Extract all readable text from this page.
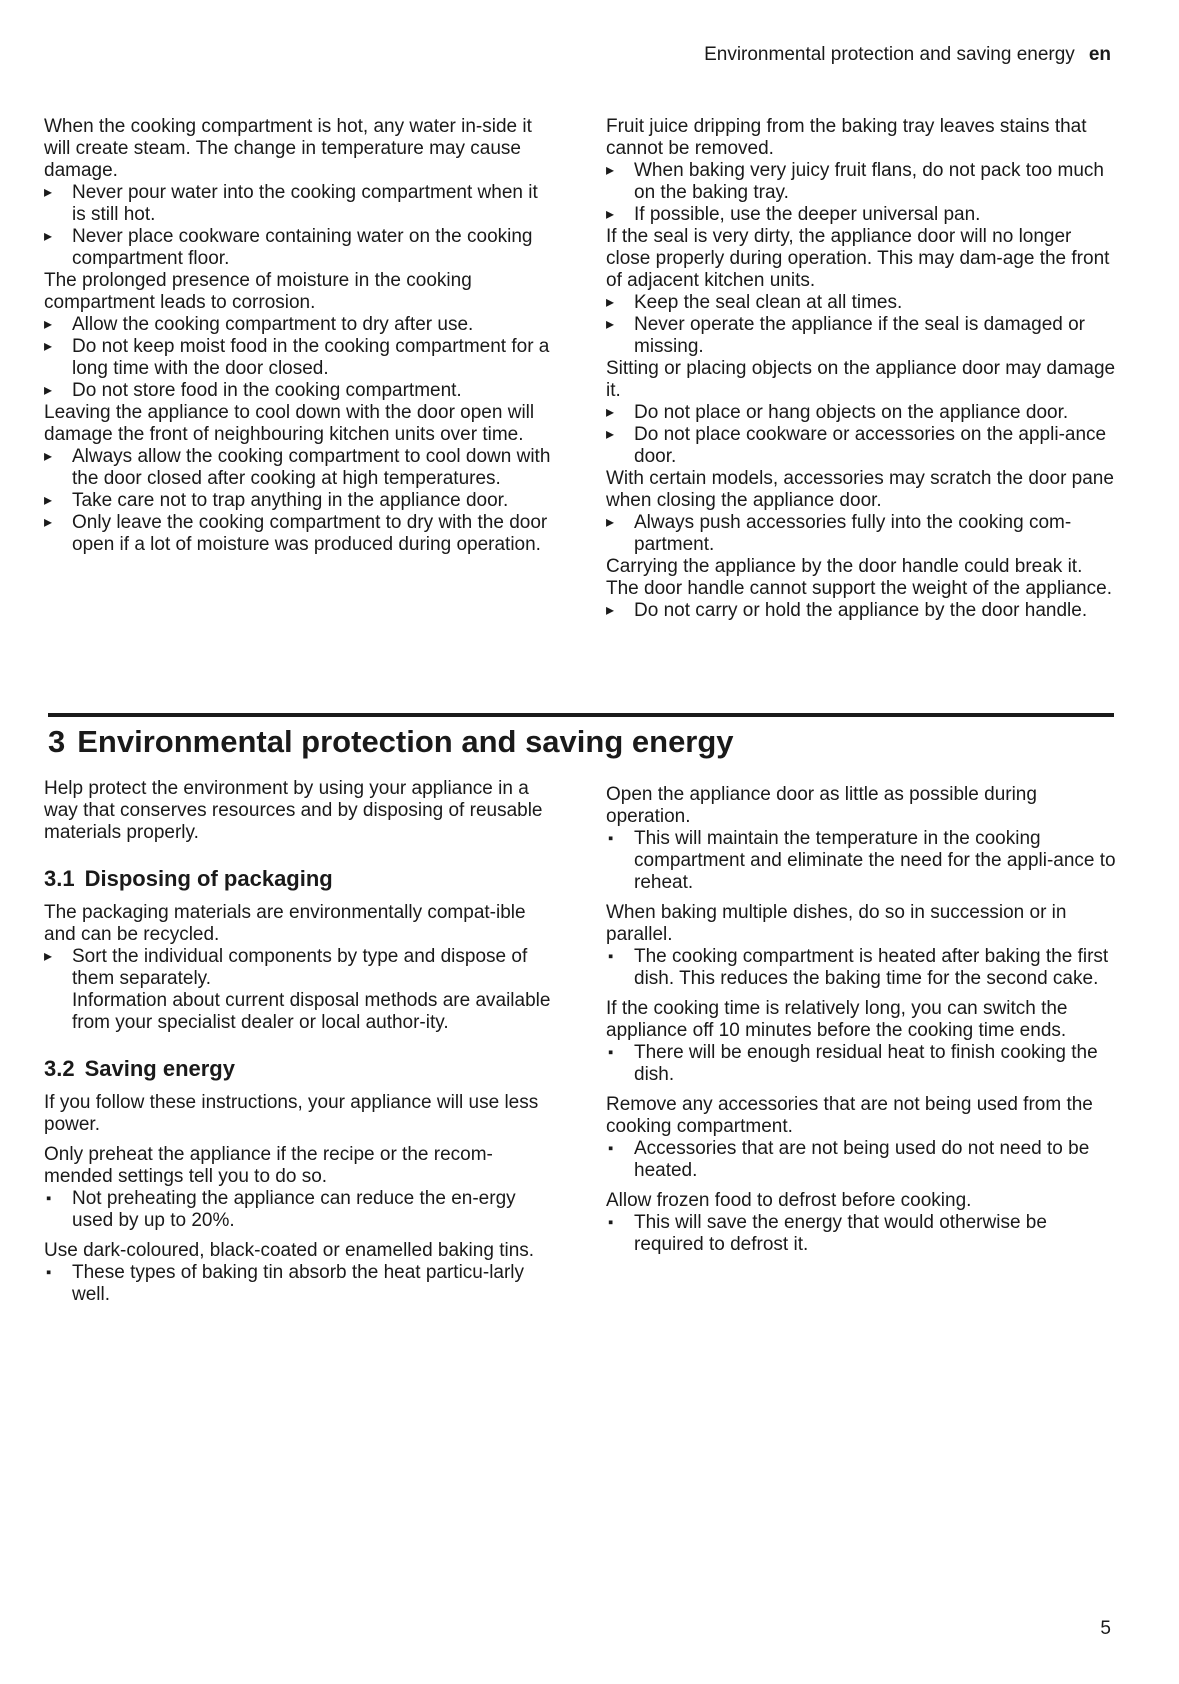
Environmental protection and saving energy en

When the cooking compartment is hot, any water in-side it will create steam. The change in temperature may cause damage.

▸ Never pour water into the cooking compartment when it is still hot.
▸ Never place cookware containing water on the cooking compartment floor.

The prolonged presence of moisture in the cooking compartment leads to corrosion.

▸ Allow the cooking compartment to dry after use.
▸ Do not keep moist food in the cooking compartment for a long time with the door closed.
▸ Do not store food in the cooking compartment.

Leaving the appliance to cool down with the door open will damage the front of neighbouring kitchen units over time.

▸ Always allow the cooking compartment to cool down with the door closed after cooking at high temperatures.
▸ Take care not to trap anything in the appliance door.
▸ Only leave the cooking compartment to dry with the door open if a lot of moisture was produced during operation.

Fruit juice dripping from the baking tray leaves stains that cannot be removed.

▸ When baking very juicy fruit flans, do not pack too much on the baking tray.
▸ If possible, use the deeper universal pan.

If the seal is very dirty, the appliance door will no longer close properly during operation. This may dam-age the front of adjacent kitchen units.

▸ Keep the seal clean at all times.
▸ Never operate the appliance if the seal is damaged or missing.

Sitting or placing objects on the appliance door may damage it.

▸ Do not place or hang objects on the appliance door.
▸ Do not place cookware or accessories on the appli-ance door.

With certain models, accessories may scratch the door pane when closing the appliance door.

▸ Always push accessories fully into the cooking com-partment.

Carrying the appliance by the door handle could break it. The door handle cannot support the weight of the appliance.

▸ Do not carry or hold the appliance by the door handle.
3 Environmental protection and saving energy

Help protect the environment by using your appliance in a way that conserves resources and by disposing of reusable materials properly.

3.1 Disposing of packaging

The packaging materials are environmentally compat-ible and can be recycled.

▸ Sort the individual components by type and dispose of them separately.
Information about current disposal methods are available from your specialist dealer or local author-ity.
3.2 Saving energy

If you follow these instructions, your appliance will use less power.

Only preheat the appliance if the recipe or the recom-mended settings tell you to do so.

▪ Not preheating the appliance can reduce the en-ergy used by up to 20%.

Use dark-coloured, black-coated or enamelled baking tins.

▪ These types of baking tin absorb the heat particu-larly well.

Open the appliance door as little as possible during operation.

▪ This will maintain the temperature in the cooking compartment and eliminate the need for the appli-ance to reheat.

When baking multiple dishes, do so in succession or in parallel.

▪ The cooking compartment is heated after baking the first dish. This reduces the baking time for the second cake.

If the cooking time is relatively long, you can switch the appliance off 10 minutes before the cooking time ends.

▪ There will be enough residual heat to finish cooking the dish.

Remove any accessories that are not being used from the cooking compartment.

▪ Accessories that are not being used do not need to be heated.

Allow frozen food to defrost before cooking.

▪ This will save the energy that would otherwise be required to defrost it.
5
